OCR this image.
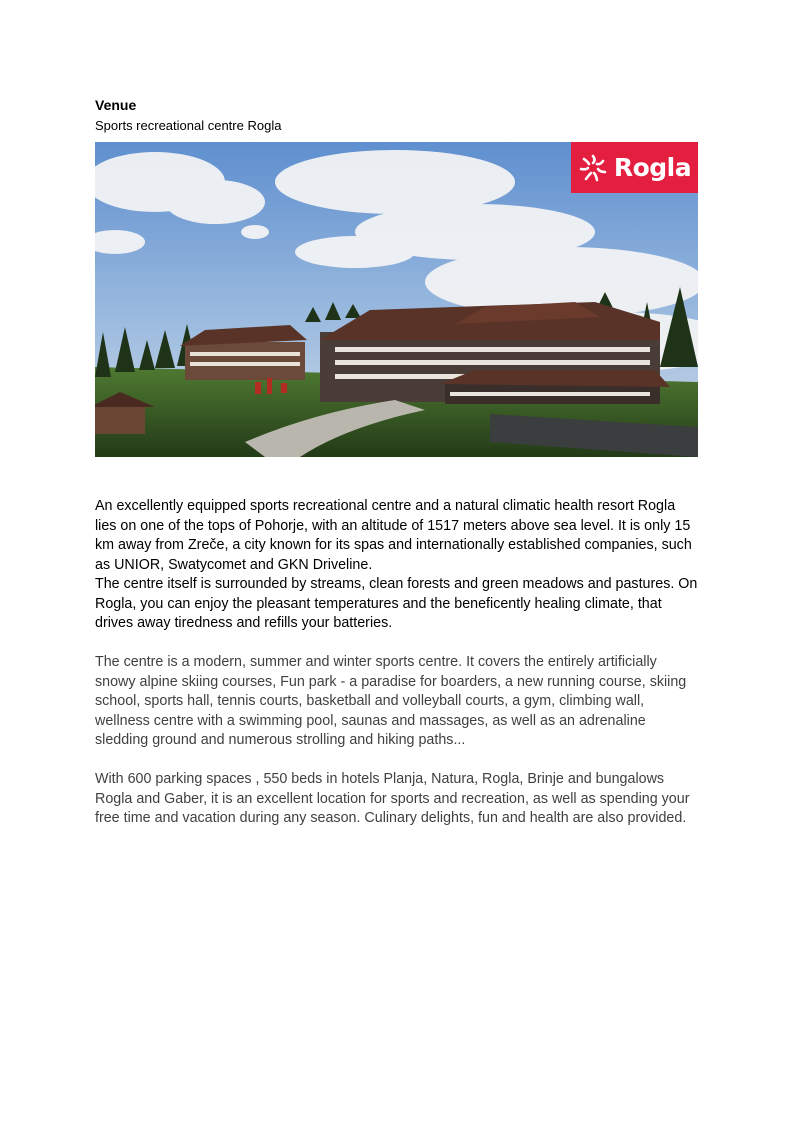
Venue

Sports recreational centre Rogla

Rogla

An excellently equipped sports recreational centre and a natural climatic health resort Rogla lies on one of the tops of Pohorje, with an altitude of 1517 meters above sea level. It is only 15 km away from Zreče, a city known for its spas and internationally established companies, such as UNIOR, Swatycomet and GKN Driveline.

The centre itself is surrounded by streams, clean forests and green meadows and pastures. On Rogla, you can enjoy the pleasant temperatures and the beneficently healing climate, that drives away tiredness and refills your batteries.

The centre is a modern, summer and winter sports centre. It covers the entirely artificially snowy alpine skiing courses, Fun park - a paradise for boarders, a new running course, skiing school, sports hall, tennis courts, basketball and volleyball courts, a gym, climbing wall, wellness centre with a swimming pool, saunas and massages, as well as an adrenaline sledding ground and numerous strolling and hiking paths...

With 600 parking spaces , 550 beds in hotels Planja, Natura, Rogla, Brinje and bungalows Rogla and Gaber, it is an excellent location for sports and recreation, as well as spending your free time and vacation during any season. Culinary delights, fun and health are also provided.
